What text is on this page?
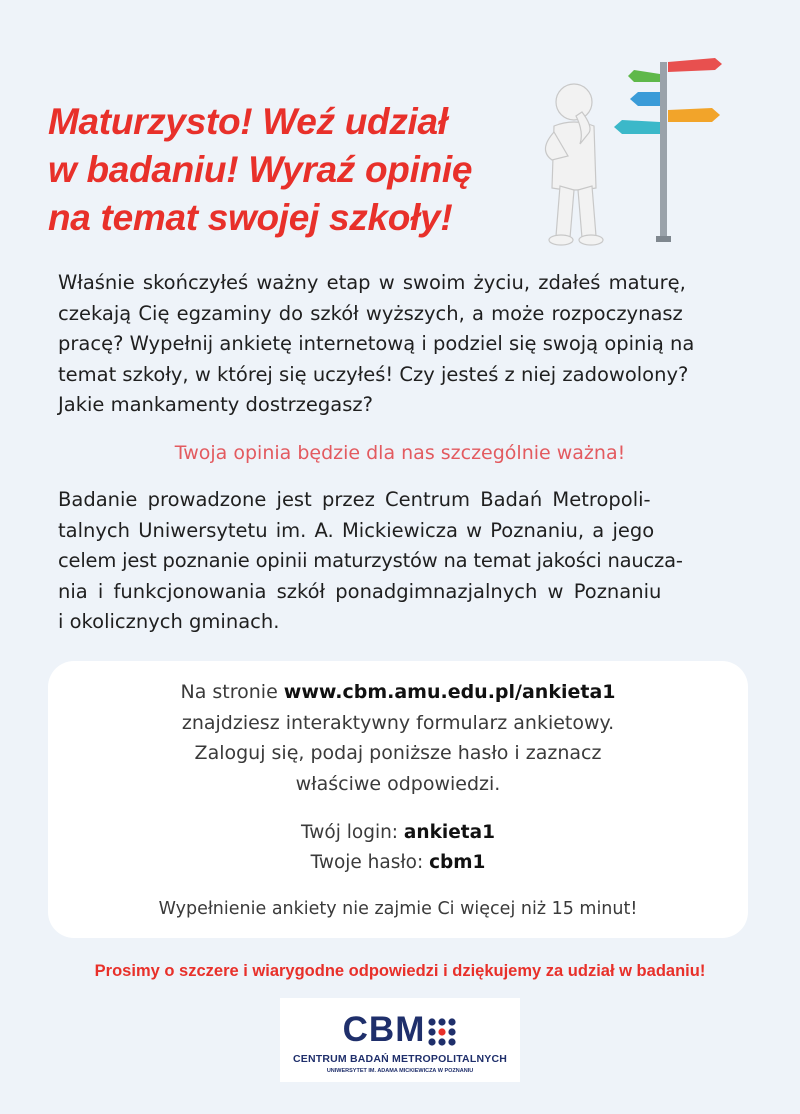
Maturzysto! Weź udział
w badaniu! Wyraź opinię
na temat swojej szkoły!

Właśnie skończyłeś ważny etap w swoim życiu, zdałeś maturę,
czekają Cię egzaminy do szkół wyższych, a może rozpoczynasz
pracę? Wypełnij ankietę internetową i podziel się swoją opinią na
temat szkoły, w której się uczyłeś! Czy jesteś z niej zadowolony?
Jakie mankamenty dostrzegasz?

Twoja opinia będzie dla nas szczególnie ważna!

Badanie prowadzone jest przez Centrum Badań Metropoli-
talnych Uniwersytetu im. A. Mickiewicza w Poznaniu, a jego
celem jest poznanie opinii maturzystów na temat jakości naucza-
nia i funkcjonowania szkół ponadgimnazjalnych w Poznaniu
i okolicznych gminach.

Na stronie www.cbm.amu.edu.pl/ankieta1
znajdziesz interaktywny formularz ankietowy.
Zaloguj się, podaj poniższe hasło i zaznacz
właściwe odpowiedzi.
Twój login: ankieta1
Twoje hasło: cbm1

Wypełnienie ankiety nie zajmie Ci więcej niż 15 minut!

Prosimy o szczere i wiarygodne odpowiedzi i dziękujemy za udział w badaniu!

CBM
CENTRUM BADAŃ METROPOLITALNYCH
UNIWERSYTET IM. ADAMA MICKIEWICZA W POZNANIU
